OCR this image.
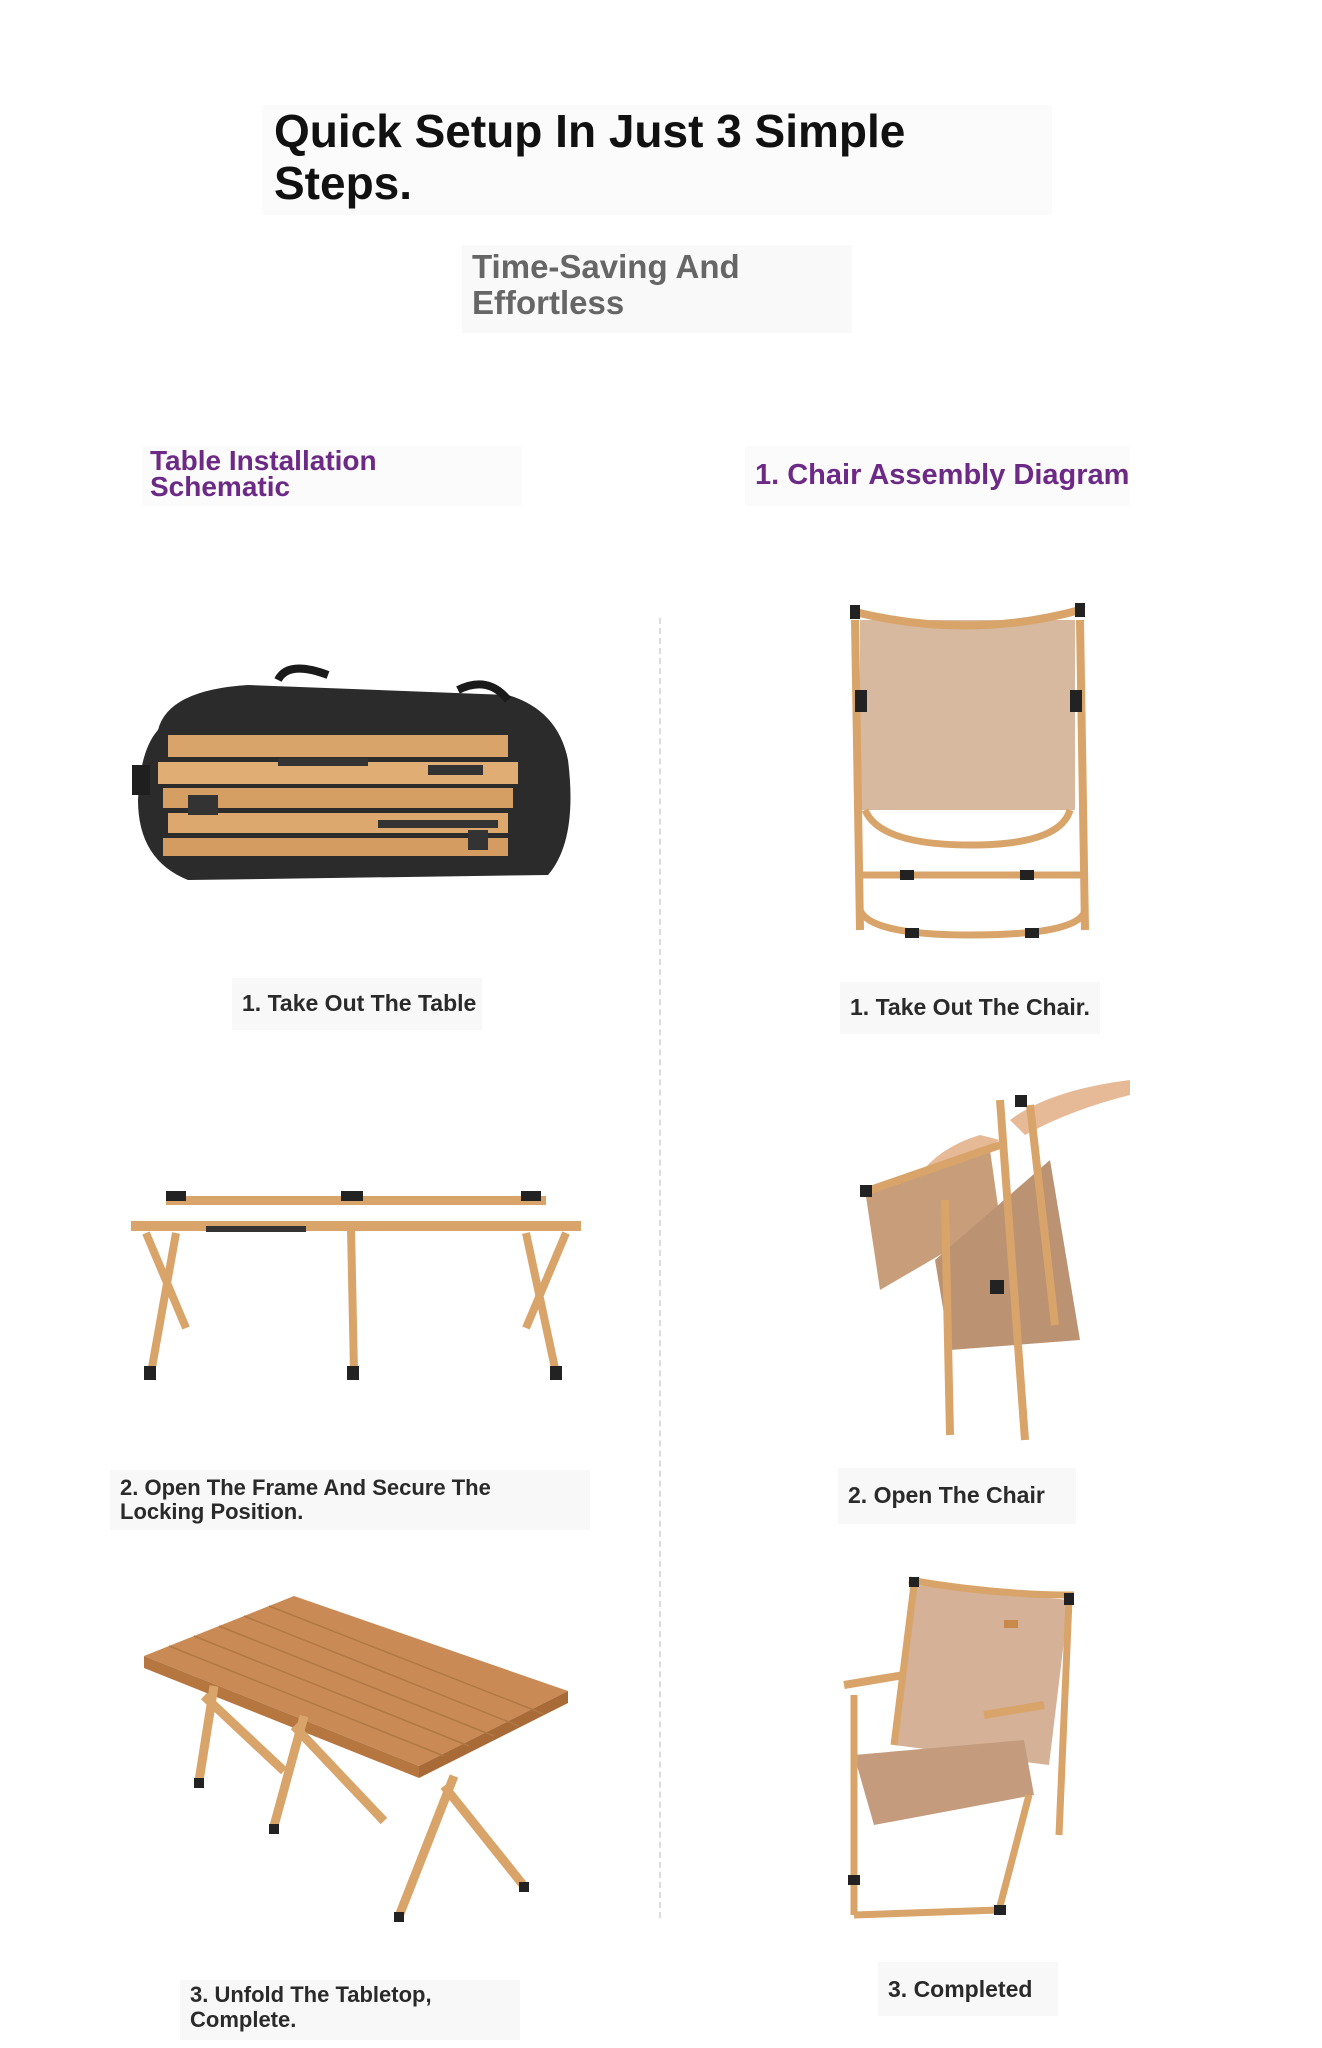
Quick Setup In Just 3 Simple Steps.
Time-Saving And Effortless
Table Installation Schematic	1. Chair Assembly Diagram
1. Take Out The Table
2. Open The Frame And Secure The Locking Position.
3. Unfold The Tabletop, Complete.
1. Take Out The Chair.
2. Open The Chair
3. Completed
